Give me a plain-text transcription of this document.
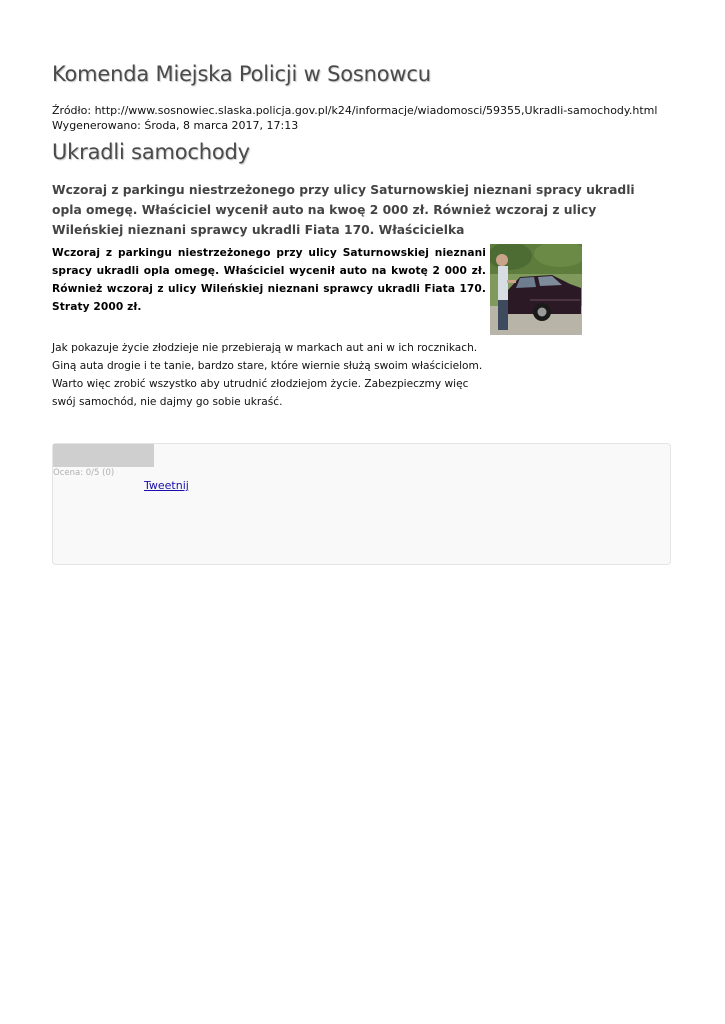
Komenda Miejska Policji w Sosnowcu
Źródło: http://www.sosnowiec.slaska.policja.gov.pl/k24/informacje/wiadomosci/59355,Ukradli-samochody.html
Wygenerowano: Środa, 8 marca 2017, 17:13
Ukradli samochody

Wczoraj z parkingu niestrzeżonego przy ulicy Saturnowskiej nieznani spracy ukradli opla omegę. Właściciel wycenił auto na kwoę 2 000 zł. Również wczoraj z ulicy Wileńskiej nieznani sprawcy ukradli Fiata 170. Właścicielka

Wczoraj z parkingu niestrzeżonego przy ulicy Saturnowskiej nieznani spracy ukradli opla omegę. Właściciel wycenił auto na kwotę 2 000 zł. Również wczoraj z ulicy Wileńskiej nieznani sprawcy ukradli Fiata 170. Straty 2000 zł.

Jak pokazuje życie złodzieje nie przebierają w markach aut ani w ich rocznikach. Giną auta drogie i te tanie, bardzo stare, które wiernie służą swoim właścicielom. Warto więc zrobić wszystko aby utrudnić złodziejom życie. Zabezpieczmy więc swój samochód, nie dajmy go sobie ukraść.

Ocena: 0/5 (0)
Tweetnij
